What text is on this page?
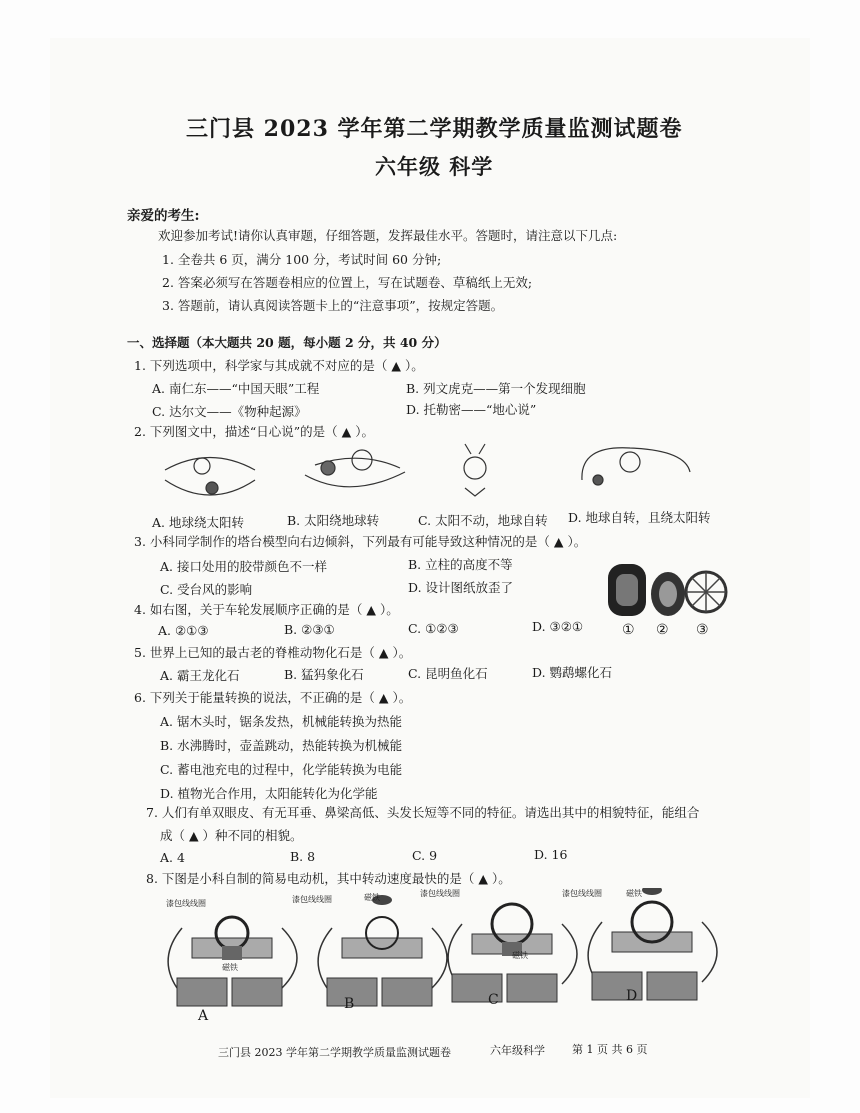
三门县 2023 学年第二学期教学质量监测试题卷
六年级 科学
亲爱的考生:
欢迎参加考试!请你认真审题，仔细答题，发挥最佳水平。答题时，请注意以下几点:
1. 全卷共 6 页，满分 100 分，考试时间 60 分钟;
2. 答案必须写在答题卷相应的位置上，写在试题卷、草稿纸上无效;
3. 答题前，请认真阅读答题卡上的“注意事项”，按规定答题。
一、选择题（本大题共 20 题，每小题 2 分，共 40 分）
1. 下列选项中，科学家与其成就不对应的是（ ▲ ）。
A. 南仁东——“中国天眼”工程	B. 列文虎克——第一个发现细胞
C. 达尔文——《物种起源》	D. 托勒密——“地心说”
2. 下列图文中，描述“日心说”的是（ ▲ ）。
A. 地球绕太阳转	B. 太阳绕地球转	C. 太阳不动，地球自转 D. 地球自转，且绕太阳转
3. 小科同学制作的塔台模型向右边倾斜，下列最有可能导致这种情况的是（ ▲ ）。
A. 接口处用的胶带颜色不一样	B. 立柱的高度不等
C. 受台风的影响	D. 设计图纸放歪了
① ② ③
4. 如右图，关于车轮发展顺序正确的是（ ▲ ）。
A. ②①③	B. ②③①	C. ①②③	D. ③②①
5. 世界上已知的最古老的脊椎动物化石是（ ▲ ）。
A. 霸王龙化石	B. 猛犸象化石	C. 昆明鱼化石	D. 鹦鹉螺化石
6. 下列关于能量转换的说法，不正确的是（ ▲ ）。
A. 锯木头时，锯条发热，机械能转换为热能
B. 水沸腾时，壶盖跳动，热能转换为机械能
C. 蓄电池充电的过程中，化学能转换为电能
D. 植物光合作用，太阳能转化为化学能
7. 人们有单双眼皮、有无耳垂、鼻梁高低、头发长短等不同的特征。请选出其中的相貌特征，能组合
成（ ▲ ）种不同的相貌。
A. 4	B. 8	C. 9	D. 16
8. 下图是小科自制的简易电动机，其中转动速度最快的是（ ▲ ）。
漆包线线圈	漆包线线圈
漆包线线圈	漆包线线圈
磁铁	磁铁
磁铁
磁铁
A
B	C	D
三门县 2023 学年第二学期教学质量监测试题卷	六年级科学 第 1 页 共 6 页
